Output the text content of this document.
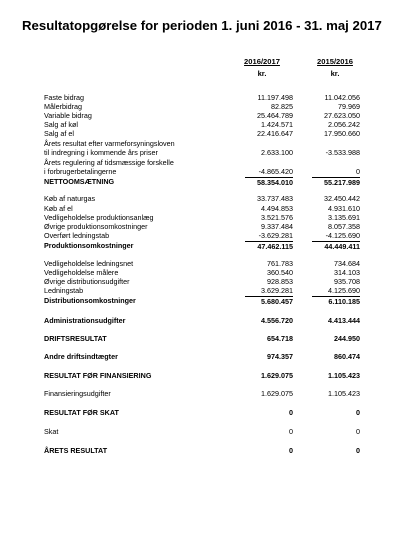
Resultatopgørelse for perioden 1. juni 2016 - 31. maj 2017
2016/2017
kr.
2015/2016
kr.
Faste bidrag	11.197.498	11.042.056
Målerbidrag	82.825	79.969
Variable bidrag	25.464.789	27.623.050
Salg af køl	1.424.571	2.056.242
Salg af el	22.416.647	17.950.660
Årets resultat efter varmeforsyningsloven
til indregning i kommende års priser	2.633.100	-3.533.988
Årets regulering af tidsmæssige forskelle
i forbrugerbetalingerne	-4.865.420	0
NETTOOMSÆTNING	58.354.010	55.217.989
Køb af naturgas	33.737.483	32.450.442
Køb af el	4.494.853	4.931.610
Vedligeholdelse produktionsanlæg	3.521.576	3.135.691
Øvrige produktionsomkostninger	9.337.484	8.057.358
Overført ledningstab	-3.629.281	-4.125.690
Produktionsomkostninger	47.462.115	44.449.411
Vedligeholdelse ledningsnet	761.783	734.684
Vedligeholdelse målere	360.540	314.103
Øvrige distributionsudgifter	928.853	935.708
Ledningstab	3.629.281	4.125.690
Distributionsomkostninger	5.680.457	6.110.185
Administrationsudgifter	4.556.720	4.413.444
DRIFTSRESULTAT	654.718	244.950
Andre driftsindtægter	974.357	860.474
RESULTAT FØR FINANSIERING	1.629.075	1.105.423
Finansieringsudgifter	1.629.075	1.105.423
RESULTAT FØR SKAT	0	0
Skat	0	0
ÅRETS RESULTAT	0	0
